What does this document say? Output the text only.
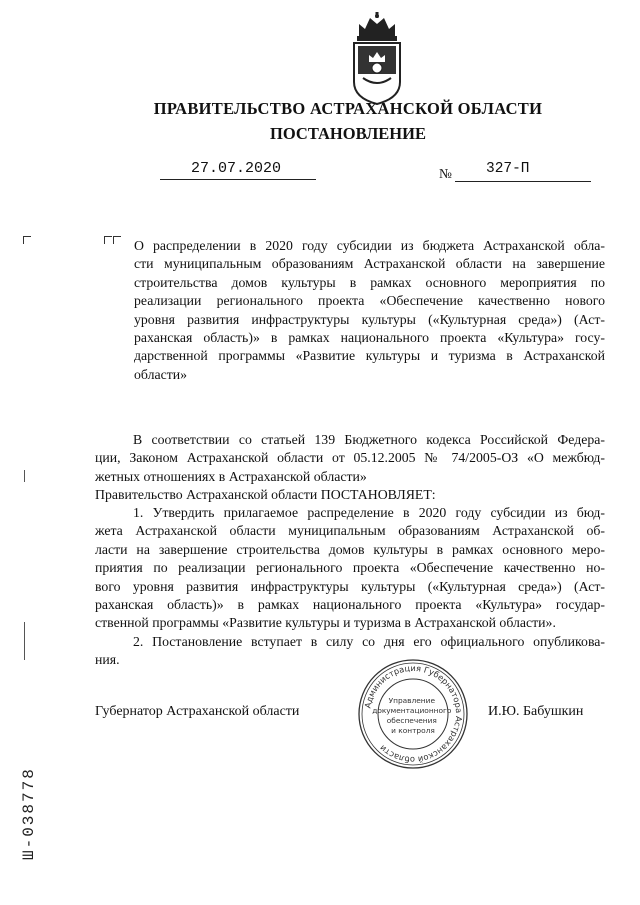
ПРАВИТЕЛЬСТВО АСТРАХАНСКОЙ ОБЛАСТИ
ПОСТАНОВЛЕНИЕ
27.07.2020	№ 327-П
О распределении в 2020 году субсидии из бюджета Астраханской обла-
сти муниципальным образованиям Астраханской области на завершение
строительства домов культуры в рамках основного мероприятия по
реализации регионального проекта «Обеспечение качественно нового
уровня развития инфраструктуры культуры («Культурная среда») (Аст-
раханская область)» в рамках национального проекта «Культура» госу-
дарственной программы «Развитие культуры и туризма в Астраханской
области»
В соответствии со статьей 139 Бюджетного кодекса Российской Федера-
ции, Законом Астраханской области от 05.12.2005 № 74/2005-ОЗ «О межбюд-
жетных отношениях в Астраханской области»
Правительство Астраханской области ПОСТАНОВЛЯЕТ:
1. Утвердить прилагаемое распределение в 2020 году субсидии из бюд-
жета Астраханской области муниципальным образованиям Астраханской об-
ласти на завершение строительства домов культуры в рамках основного меро-
приятия по реализации регионального проекта «Обеспечение качественно но-
вого уровня развития инфраструктуры культуры («Культурная среда») (Аст-
раханская область)» в рамках национального проекта «Культура» государ-
ственной программы «Развитие культуры и туризма в Астраханской области».
2. Постановление вступает в силу со дня его официального опубликова-
ния.
Губернатор Астраханской области	И.Ю. Бабушкин
Администрация Губернатора Астраханской области
Управление документационного обеспечения и контроля
Ш-038778
